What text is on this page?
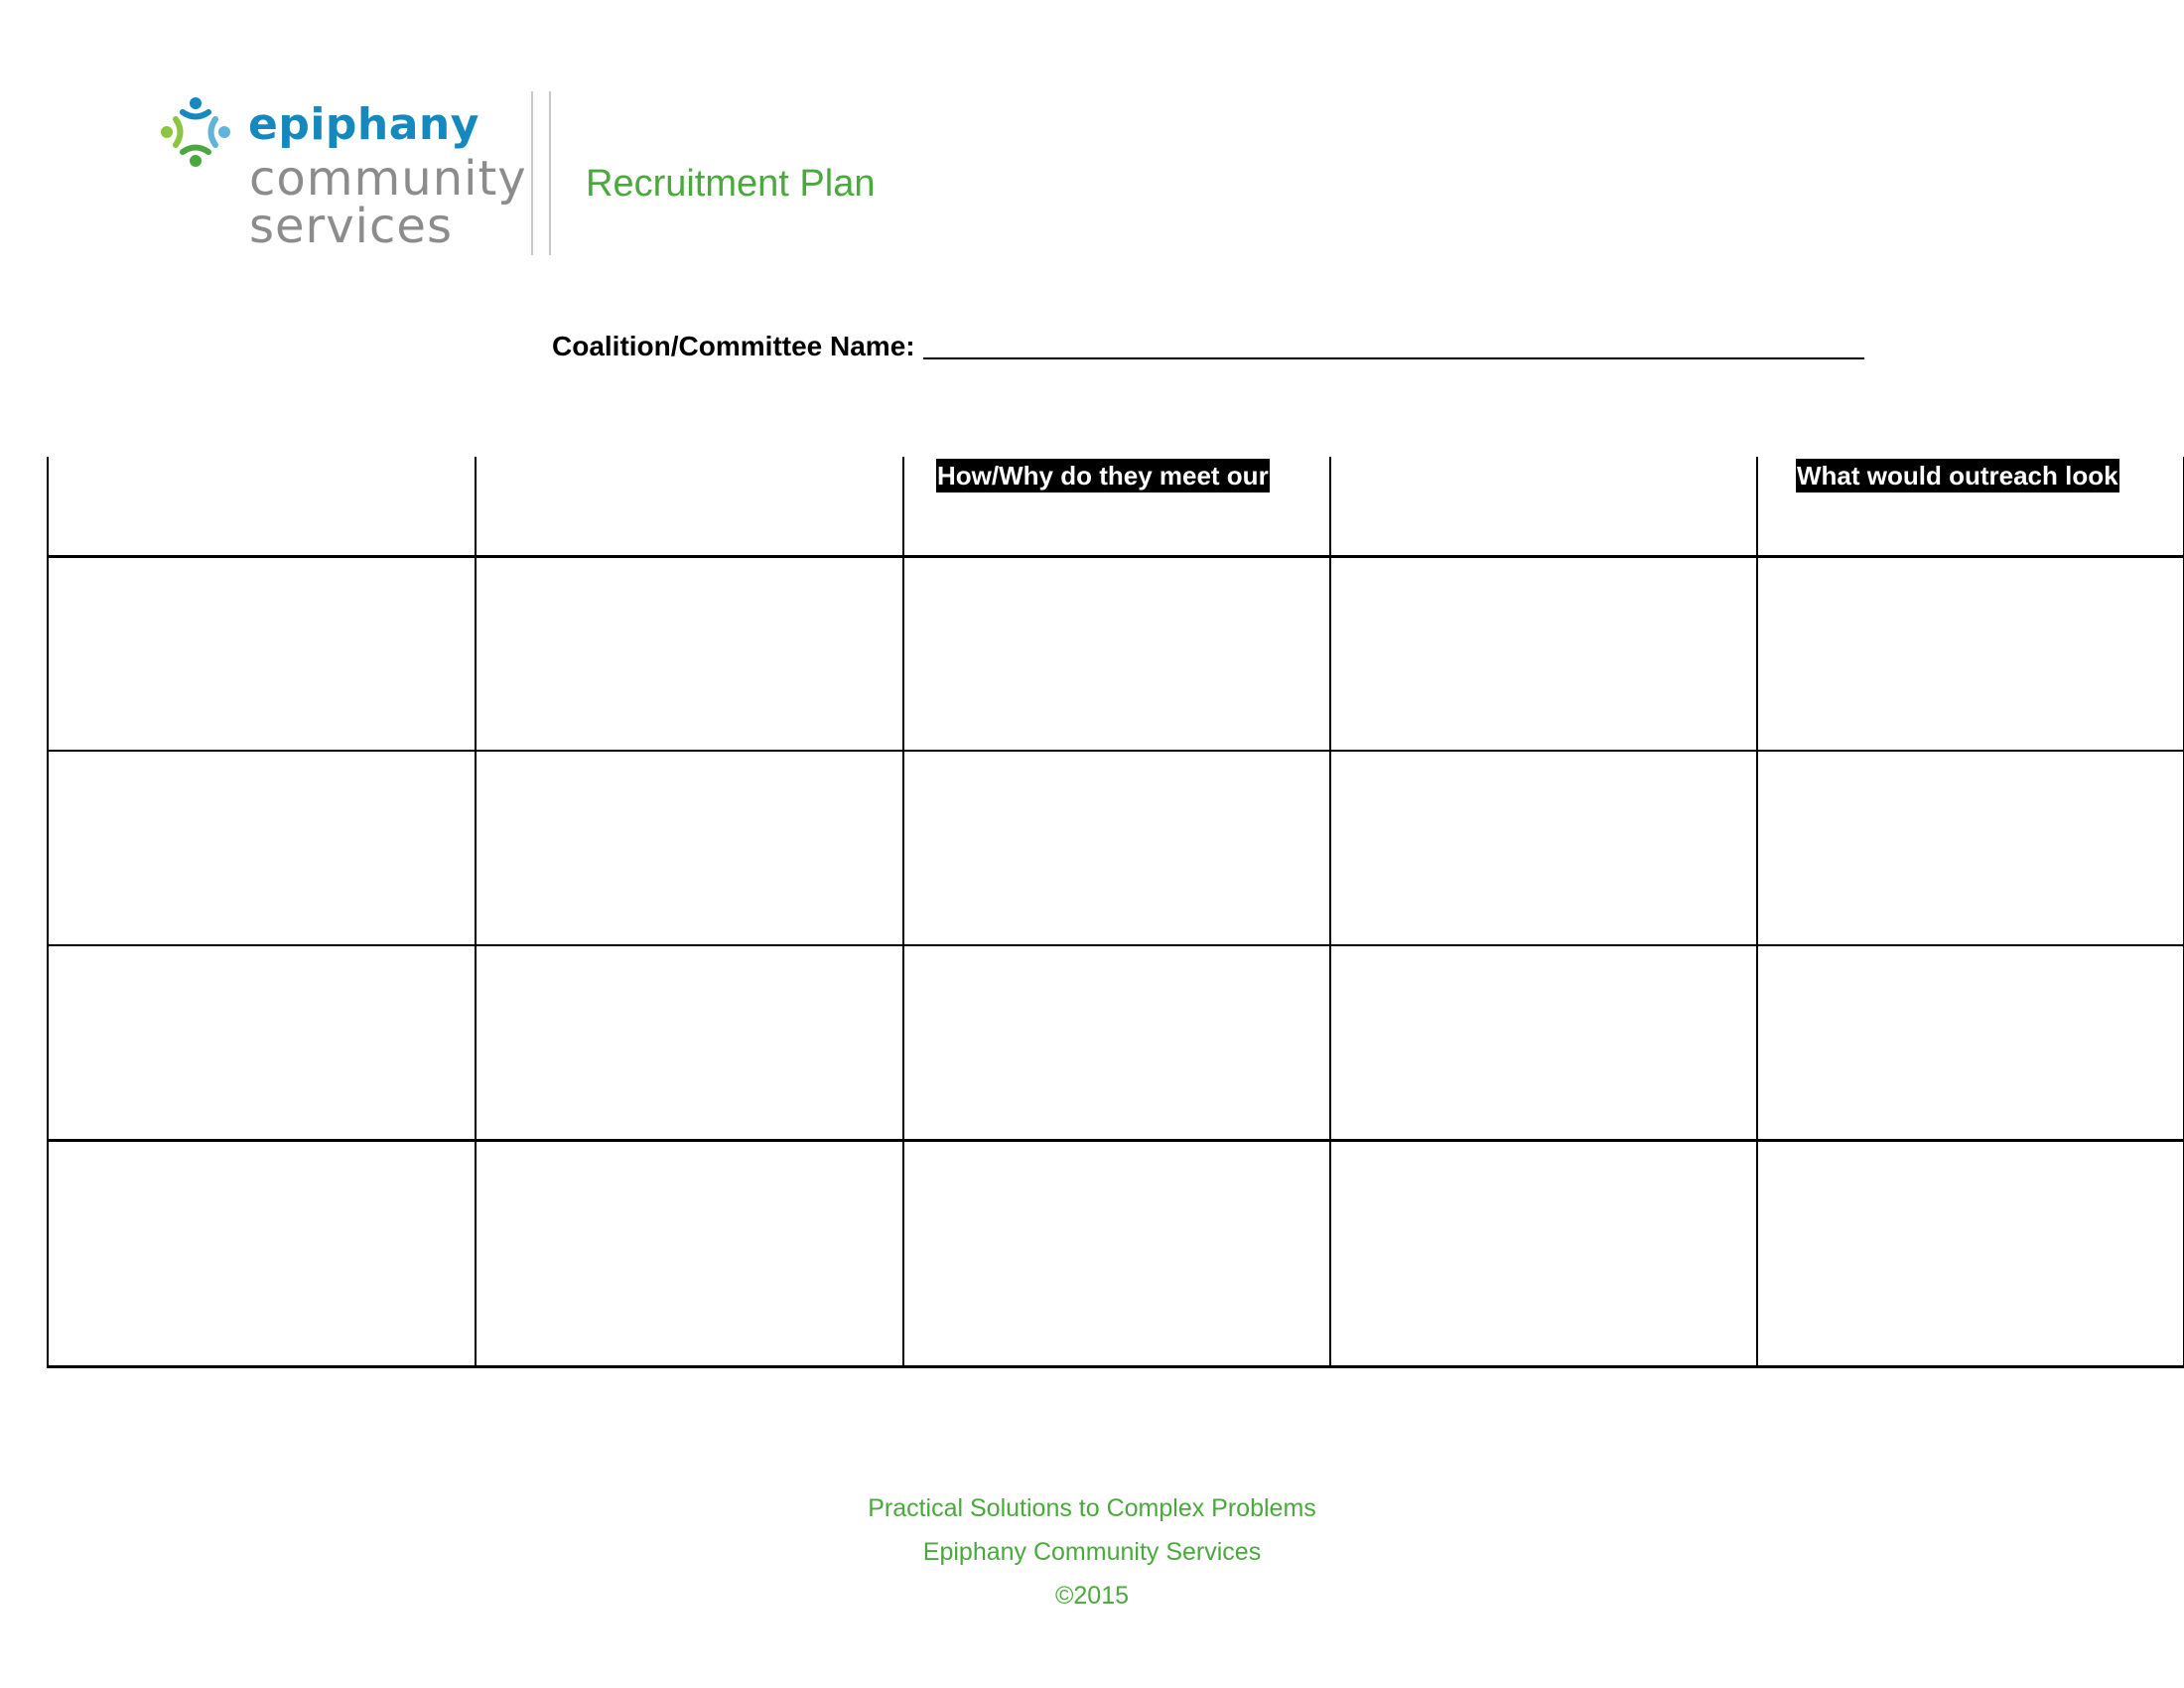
epiphany
community
services
Recruitment Plan
Coalition/Committee Name:
How/Why do they meet our	What would outreach look
Practical Solutions to Complex Problems
Epiphany Community Services
©2015
